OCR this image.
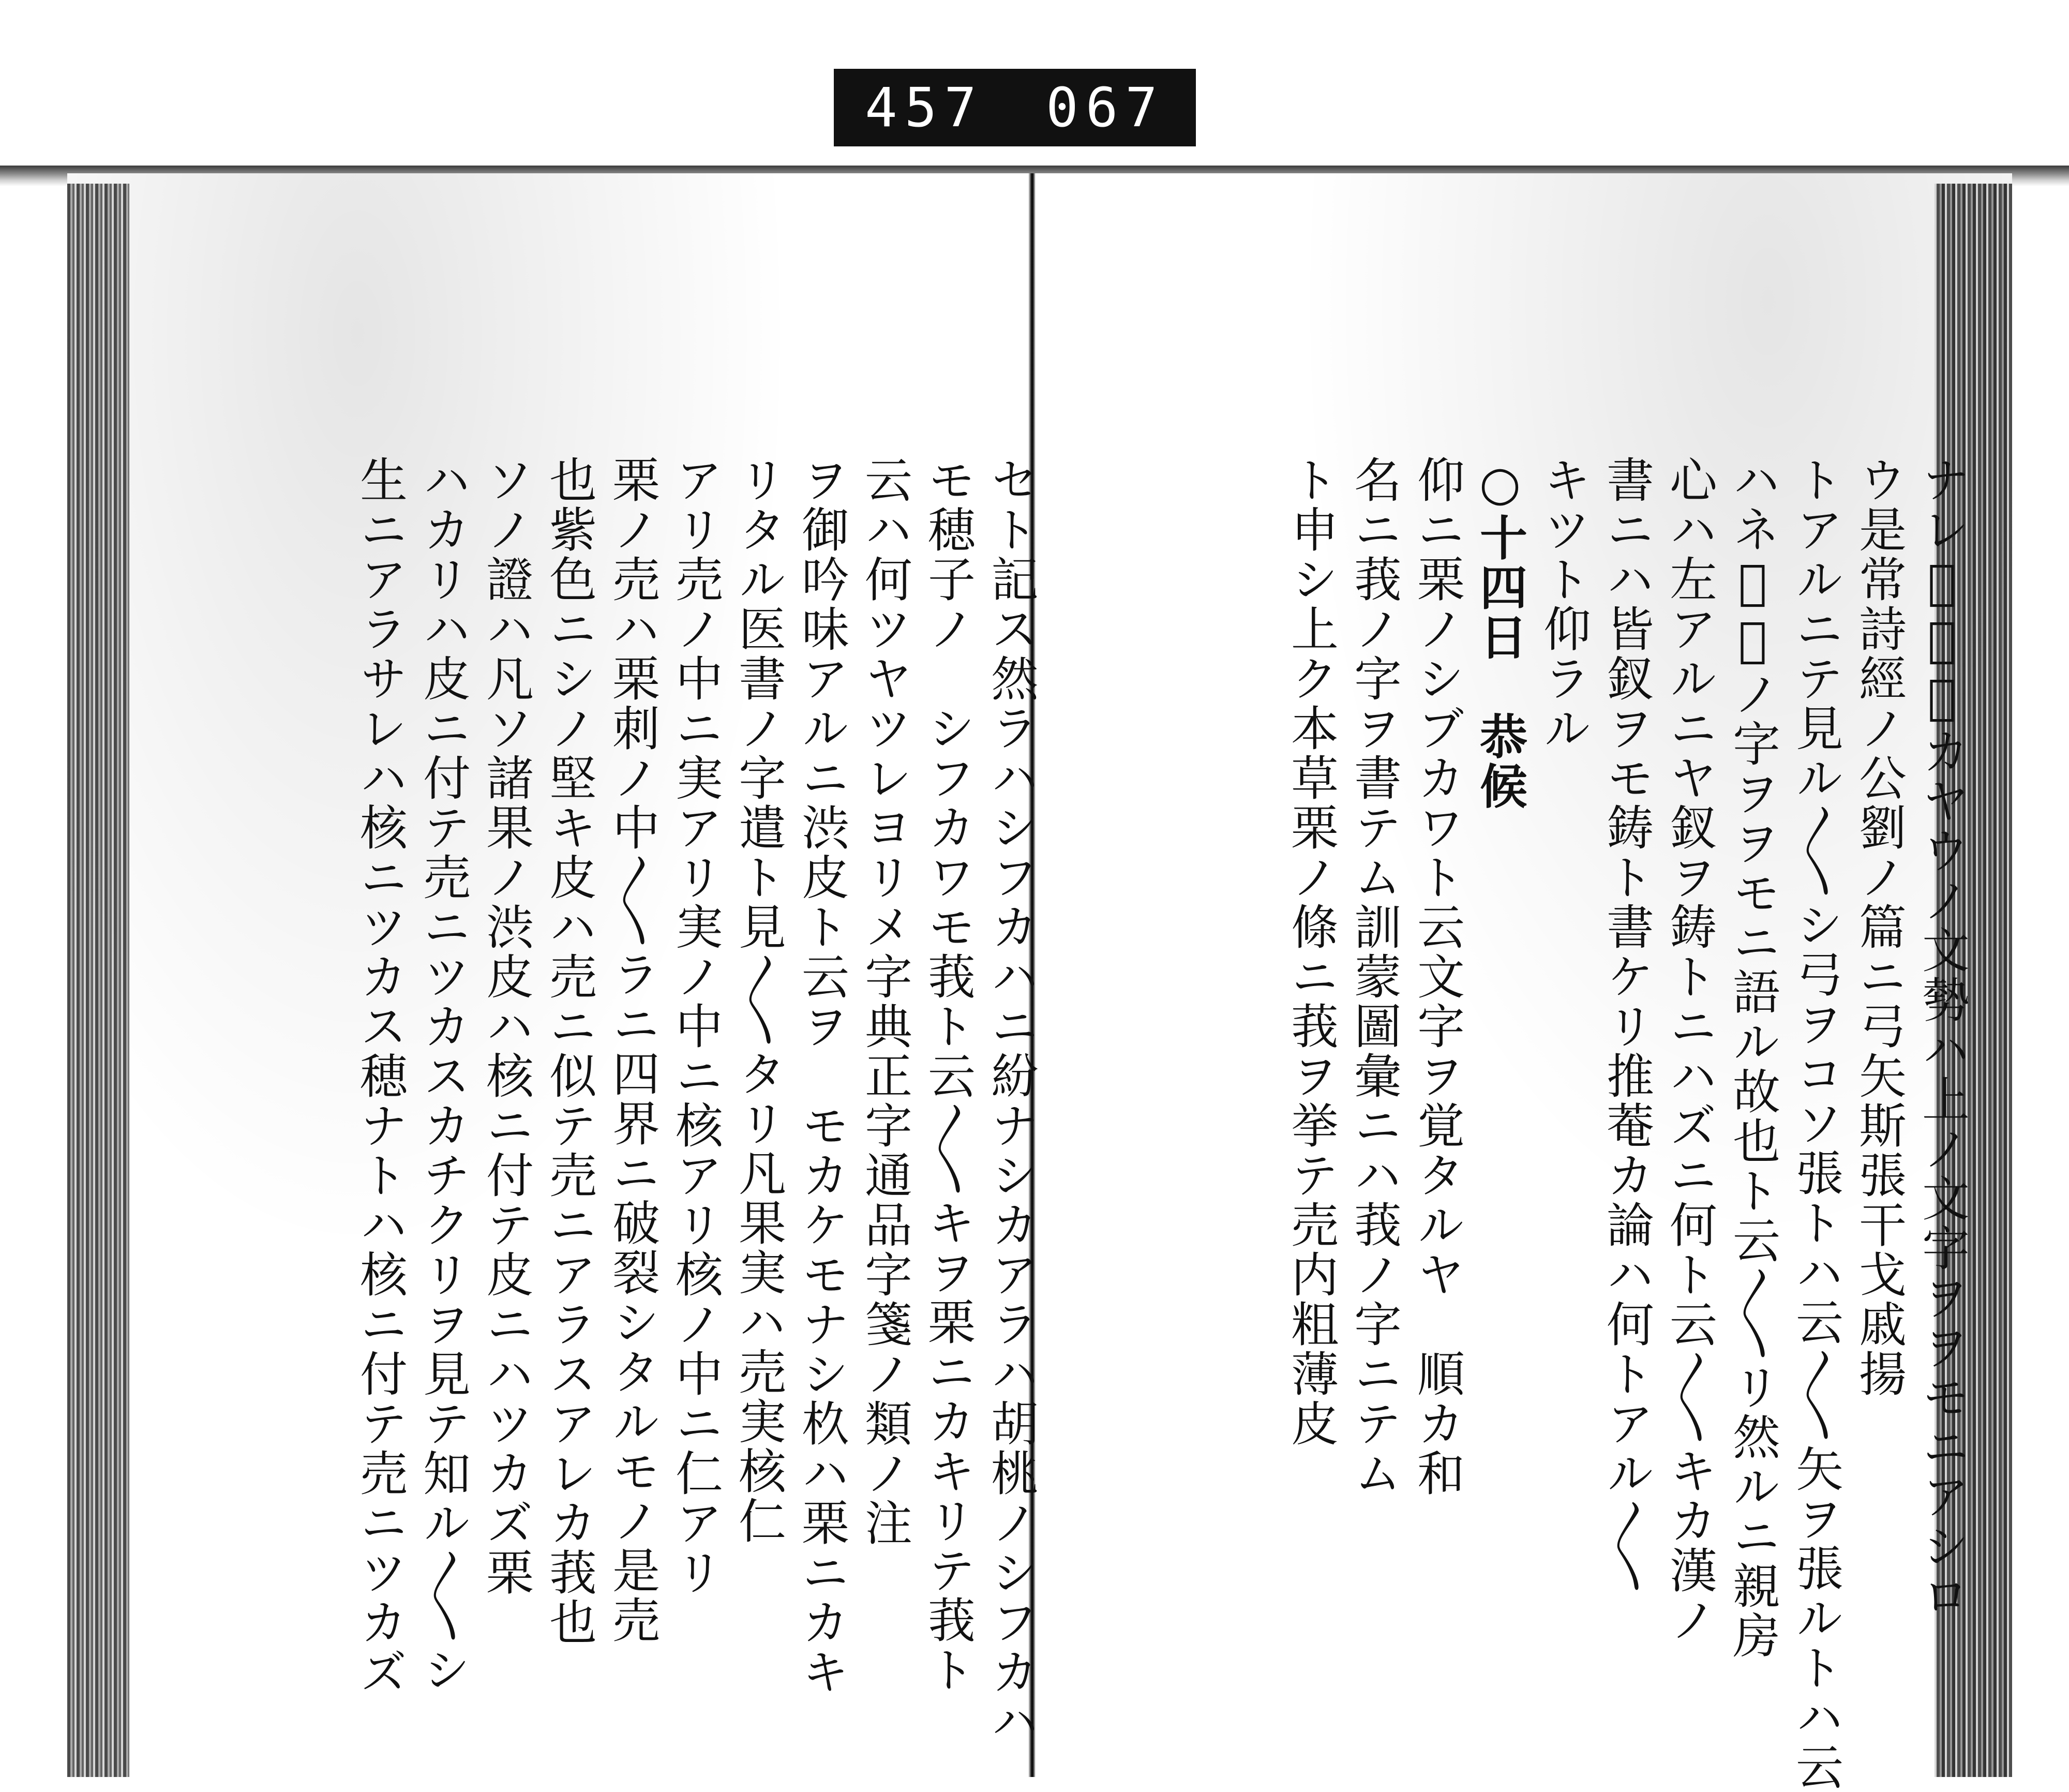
457 067
ナレ𪜈大凡カヤウノ文勢ハ上ノ文字ヲヲモニアシロ
ウ是常詩經ノ公劉ノ篇ニ弓矢斯張干戈戚揚
トアルニテ見ル〳〵シ弓ヲコソ張トハ云〳〵矢ヲ張ルトハ云
ハネ𪜈弓ノ字ヲヲモニ語ル故也ト云〳〵リ然ルニ親房
心ハ左アルニヤ釵ヲ鋳トニハズニ何ト云〳〵キカ漢ノ
書ニハ皆釵ヲモ鋳ト書ケリ推菴カ論ハ何トアル〳〵
キツト仰ラル
○十四日　恭候
仰ニ栗ノシブカワト云文字ヲ覚タルヤ　順カ和
名ニ莪ノ字ヲ書テム訓蒙圖彙ニハ莪ノ字ニテム
ト申シ上ク本草栗ノ條ニ莪ヲ挙テ売内粗薄皮
セト記ス然ラハシフカハニ紛ナシカアラハ胡桃ノシフカハ
モ穂子ノ　シフカワモ莪ト云〳〵キヲ栗ニカキリテ莪ト
云ハ何ツヤツレヨリメ字典正字通品字箋ノ類ノ注
ヲ御吟味アルニ渋皮ト云ヲ　モカケモナシ杦ハ栗ニカキ
リタル医書ノ字遣ト見〳〵タリ凡果実ハ売実核仁
アリ売ノ中ニ実アリ実ノ中ニ核アリ核ノ中ニ仁アリ
栗ノ売ハ栗刺ノ中〳〵ラニ四界ニ破裂シタルモノ是売
也紫色ニシノ堅キ皮ハ売ニ似テ売ニアラスアレカ莪也
ソノ證ハ凡ソ諸果ノ渋皮ハ核ニ付テ皮ニハツカズ栗
ハカリハ皮ニ付テ売ニツカスカチクリヲ見テ知ル〳〵シ
生ニアラサレハ核ニツカス穂ナトハ核ニ付テ売ニツカズ
